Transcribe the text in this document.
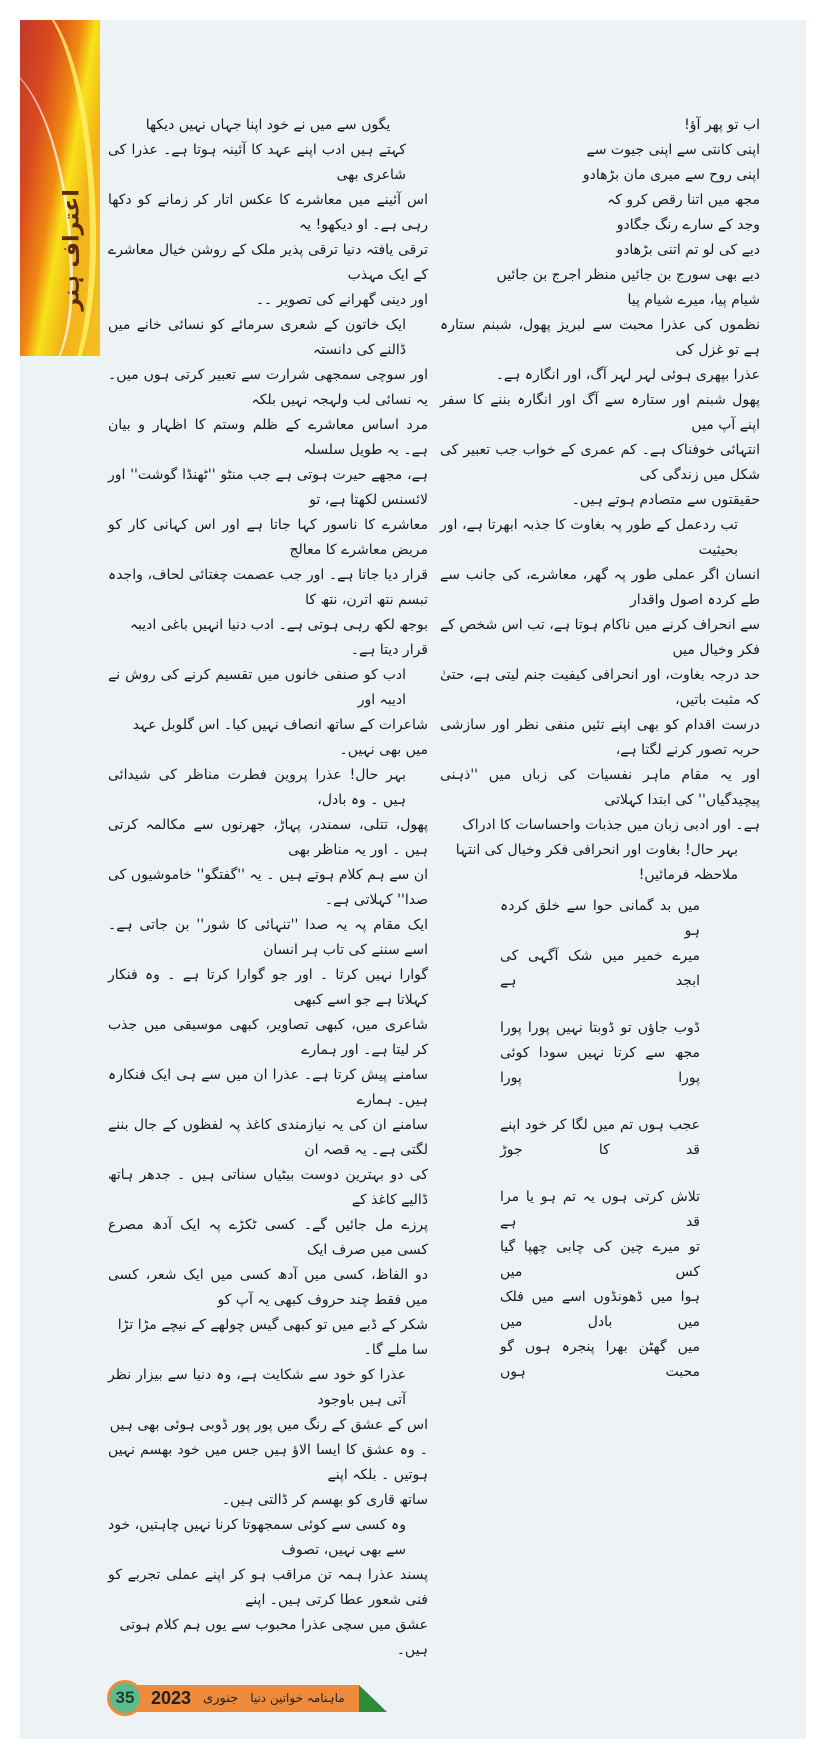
اعتراف ہنر
اب تو پھر آؤ!
اپنی کانتی سے اپنی جیوت سے
اپنی روح سے میری مان بڑھادو
مجھ میں اتنا رقص کرو کہ
وجد کے سارے رنگ جگادو
دیے کی لو تم اتنی بڑھادو
دیے بھی سورج بن جائیں منظر اجرج بن جائیں
شیام پیا، میرے شیام پیا
نظموں کی عذرا محبت سے لبریز پھول، شبنم ستارہ ہے تو غزل کی
عذرا بپھری ہوئی لہر لہر آگ، اور انگارہ ہے۔
پھول شبنم اور ستارہ سے آگ اور انگارہ بننے کا سفر اپنے آپ میں
انتہائی خوفناک ہے۔ کم عمری کے خواب جب تعبیر کی شکل میں زندگی کی
حقیقتوں سے متصادم ہوتے ہیں۔
تب ردعمل کے طور پہ بغاوت کا جذبہ ابھرتا ہے، اور بحیثیت
انسان اگر عملی طور پہ گھر، معاشرے، کی جانب سے طے کردہ اصول واقدار
سے انحراف کرنے میں ناکام ہوتا ہے، تب اس شخص کے فکر وخیال میں
حد درجہ بغاوت، اور انحرافی کیفیت جنم لیتی ہے، حتیٰ کہ مثبت باتیں،
درست اقدام کو بھی اپنے تئیں منفی نظر اور سازشی حربہ تصور کرنے لگتا ہے،
اور یہ مقام ماہر نفسیات کی زباں میں ''ذہنی پیچیدگیاں'' کی ابتدا کہلاتی
ہے۔ اور ادبی زبان میں جذبات واحساسات کا ادراک
بہر حال! بغاوت اور انحرافی فکر وخیال کی انتہا ملاحظہ فرمائیں!
میں بد گمانی حوا سے خلق کردہ ہو
میرے خمیر میں شک آگہی کی ابجد ہے
ڈوب جاؤں تو ڈوبتا نہیں پورا پورا
مجھ سے کرتا نہیں سودا کوئی پورا پورا
عجب ہوں تم میں لگا کر خود اپنے قد کا جوڑ
تلاش کرتی ہوں یہ تم ہو یا مرا قد ہے
تو میرے چین کی چابی چھپا گیا کس میں
ہوا میں ڈھونڈوں اسے میں فلک میں بادل میں
میں گھٹن بھرا پنجرہ ہوں گو محبت ہوں
یگوں سے میں نے خود اپنا جہاں نہیں دیکھا
کہتے ہیں ادب اپنے عہد کا آئینہ ہوتا ہے۔ عذرا کی شاعری بھی
اس آئینے میں معاشرے کا عکس اتار کر زمانے کو دکھا رہی ہے۔ او دیکھو! یہ
ترقی یافتہ دنیا ترقی پذیر ملک کے روشن خیال معاشرے کے ایک مہذب
اور دینی گھرانے کی تصویر ۔۔
ایک خاتون کے شعری سرمائے کو نسائی خانے میں ڈالنے کی دانستہ
اور سوچی سمجھی شرارت سے تعبیر کرتی ہوں میں۔ یہ نسائی لب ولہجہ نہیں بلکہ
مرد اساس معاشرے کے ظلم وستم کا اظہار و بیان ہے۔ یہ طویل سلسلہ
ہے، مجھے حیرت ہوتی ہے جب منٹو ''ٹھنڈا گوشت'' اور لائسنس لکھتا ہے، تو
معاشرے کا ناسور کہا جاتا ہے اور اس کہانی کار کو مریض معاشرے کا معالج
قرار دیا جاتا ہے۔ اور جب عصمت چغتائی لحاف، واجدہ تبسم نتھ اترن، نتھ کا
بوجھ لکھ رہی ہوتی ہے۔ ادب دنیا انہیں باغی ادیبہ قرار دیتا ہے۔
ادب کو صنفی خانوں میں تقسیم کرنے کی روش نے ادیبہ اور
شاعرات کے ساتھ انصاف نہیں کیا۔ اس گلوبل عہد میں بھی نہیں۔
بہر حال! عذرا پروین فطرت مناظر کی شیدائی ہیں ۔ وہ بادل،
پھول، تتلی، سمندر، پہاڑ، جھرنوں سے مکالمہ کرتی ہیں ۔ اور یہ مناظر بھی
ان سے ہم کلام ہوتے ہیں ۔ یہ ''گفتگو'' خاموشیوں کی صدا'' کہلاتی ہے۔
ایک مقام پہ یہ صدا ''تنہائی کا شور'' بن جاتی ہے۔ اسے سننے کی تاب ہر انسان
گوارا نہیں کرتا ۔ اور جو گوارا کرتا ہے ۔ وہ فنکار کہلاتا ہے جو اسے کبھی
شاعری میں، کبھی تصاویر، کبھی موسیقی میں جذب کر لیتا ہے۔ اور ہمارے
سامنے پیش کرتا ہے۔ عذرا ان میں سے ہی ایک فنکارہ ہیں۔ ہمارے
سامنے ان کی یہ نیازمندی کاغذ پہ لفظوں کے جال بننے لگتی ہے۔ یہ قصہ ان
کی دو بہترین دوست بیٹیاں سناتی ہیں ۔ جدھر ہاتھ ڈالیے کاغذ کے
پرزے مل جائیں گے۔ کسی ٹکڑے پہ ایک آدھ مصرع کسی میں صرف ایک
دو الفاظ، کسی میں آدھ کسی میں ایک شعر، کسی میں فقط چند حروف کبھی یہ آپ کو
شکر کے ڈبے میں تو کبھی گیس چولھے کے نیچے مڑا تڑا سا ملے گا۔
عذرا کو خود سے شکایت ہے، وہ دنیا سے بیزار نظر آتی ہیں باوجود
اس کے عشق کے رنگ میں پور پور ڈوبی ہوئی بھی ہیں
۔ وہ عشق کا ایسا الاؤ ہیں جس میں خود بھسم نہیں ہوتیں ۔ بلکہ اپنے
ساتھ قاری کو بھسم کر ڈالتی ہیں۔
وہ کسی سے کوئی سمجھوتا کرنا نہیں چاہتیں، خود سے بھی نہیں، تصوف
پسند عذرا ہمہ تن مراقب ہو کر اپنے عملی تجربے کو فنی شعور عطا کرتی ہیں۔ اپنے
عشق میں سچی عذرا محبوب سے یوں ہم کلام ہوتی ہیں۔
35 2023 جنوری ماہنامہ خواتین دنیا
